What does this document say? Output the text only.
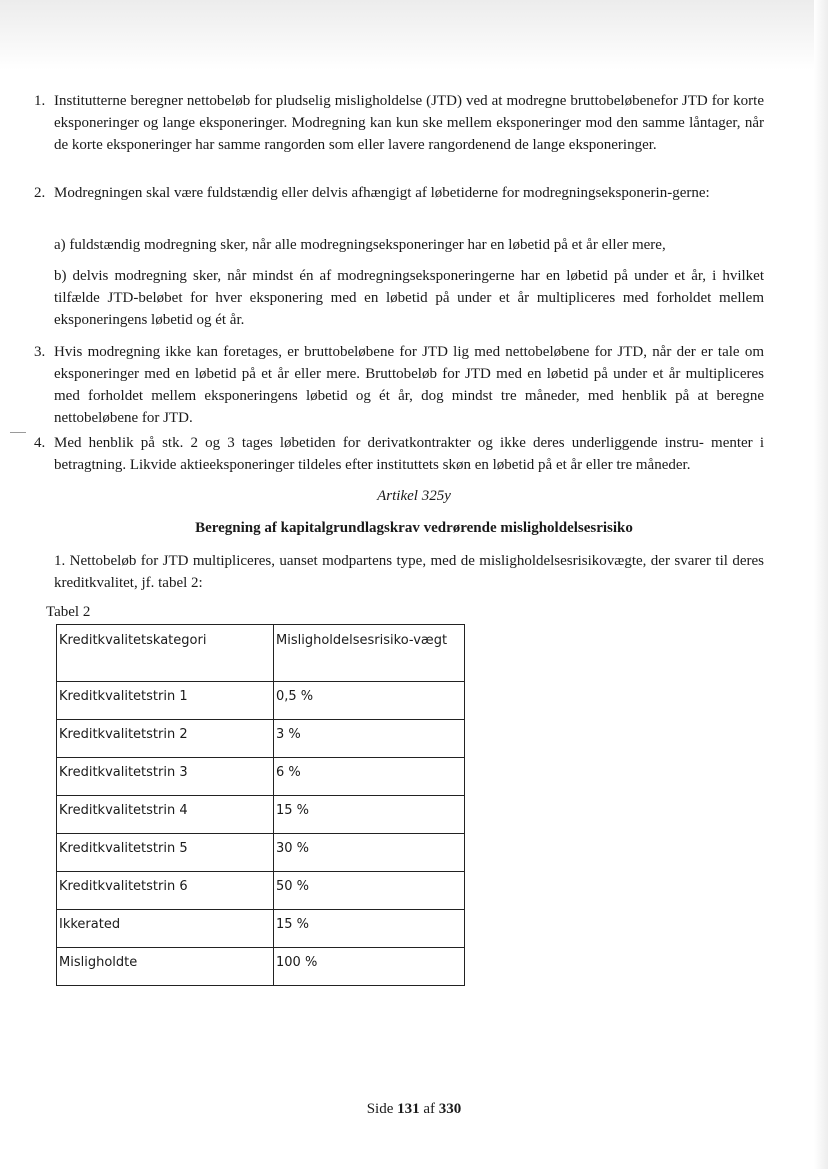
1. Institutterne beregner nettobeløb for pludselig misligholdelse (JTD) ved at modregne bruttobeløbenefor JTD for korte eksponeringer og lange eksponeringer. Modregning kan kun ske mellem eksponeringer mod den samme låntager, når de korte eksponeringer har samme rangorden som eller lavere rangordenend de lange eksponeringer.

2. Modregningen skal være fuldstændig eller delvis afhængigt af løbetiderne for modregningseksponerin-gerne:

a) fuldstændig modregning sker, når alle modregningseksponeringer har en løbetid på et år eller mere,

b) delvis modregning sker, når mindst én af modregningseksponeringerne har en løbetid på under et år, i hvilket tilfælde JTD-beløbet for hver eksponering med en løbetid på under et år multipliceres med forholdet mellem eksponeringens løbetid og ét år.

3. Hvis modregning ikke kan foretages, er bruttobeløbene for JTD lig med nettobeløbene for JTD, når der er tale om eksponeringer med en løbetid på et år eller mere. Bruttobeløb for JTD med en løbetid på under et år multipliceres med forholdet mellem eksponeringens løbetid og ét år, dog mindst tre måneder, med henblik på at beregne nettobeløbene for JTD.

4. Med henblik på stk. 2 og 3 tages løbetiden for derivatkontrakter og ikke deres underliggende instru- menter i betragtning. Likvide aktieeksponeringer tildeles efter instituttets skøn en løbetid på et år eller tre måneder.

Artikel 325y
Beregning af kapitalgrundlagskrav vedrørende misligholdelsesrisiko

1. Nettobeløb for JTD multipliceres, uanset modpartens type, med de misligholdelsesrisikovægte, der svarer til deres kreditkvalitet, jf. tabel 2:

Tabel 2
Kreditkvalitetskategori	Misligholdelsesrisiko-vægt
Kreditkvalitetstrin 1	0,5 %
Kreditkvalitetstrin 2	3 %
Kreditkvalitetstrin 3	6 %
Kreditkvalitetstrin 4	15 %
Kreditkvalitetstrin 5	30 %
Kreditkvalitetstrin 6	50 %
Ikkerated	15 %
Misligholdte	100 %
Side 131 af 330
